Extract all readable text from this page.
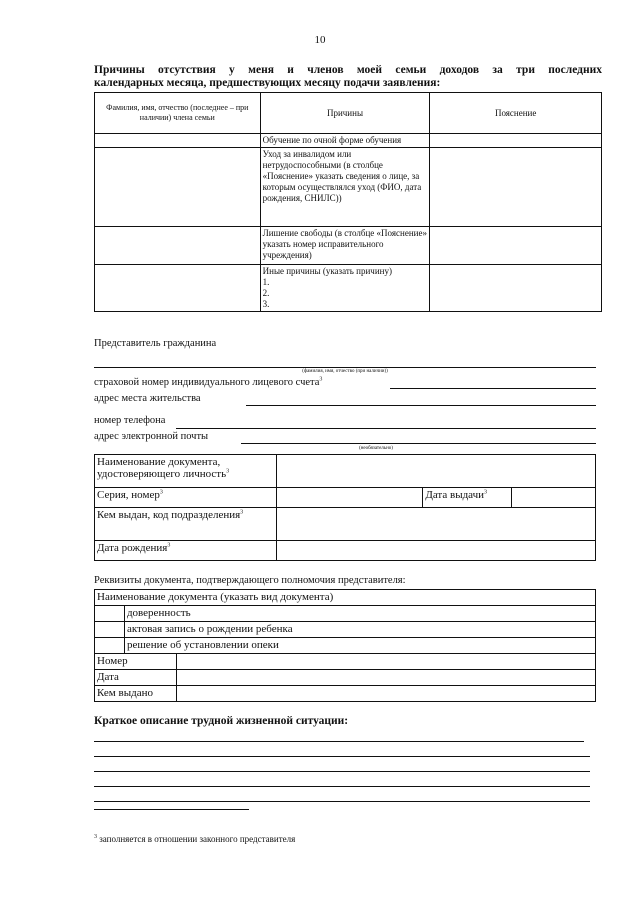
10
Причины отсутствия у меня и членов моей семьи доходов за три последних
календарных месяца, предшествующих месяцу подачи заявления:
Фамилия, имя, отчество (последнее – при наличии) члена семьи	Причины	Пояснение
	Обучение по очной форме обучения	
	Уход за инвалидом или нетрудоспособными (в столбце «Пояснение» указать сведения о лице, за которым осуществлялся уход (ФИО, дата рождения, СНИЛС))	
	Лишение свободы (в столбце «Пояснение» указать номер исправительного учреждения)	

	Иные причины (указать причину)
1.
2.
3.	

Представитель гражданина
(фамилия, имя, отчество (при наличии))
страховой номер индивидуального лицевого счета$^3$
адрес места жительства
номер телефона
адрес электронной почты
(необязательно)
Наименование документа, удостоверяющего личность$^3$	
Серия, номер$^3$		Дата выдачи$^3$	
Кем выдан, код подразделения$^3$	
Дата рождения$^3$	
Реквизиты документа, подтверждающего полномочия представителя:
Наименование документа (указать вид документа)		
	доверенность	
	актовая запись о рождении ребенка	
	решение об установлении опеки	
Номер		
Дата		
Кем выдано		
Краткое описание трудной жизненной ситуации:
$^3$ заполняется в отношении законного представителя
